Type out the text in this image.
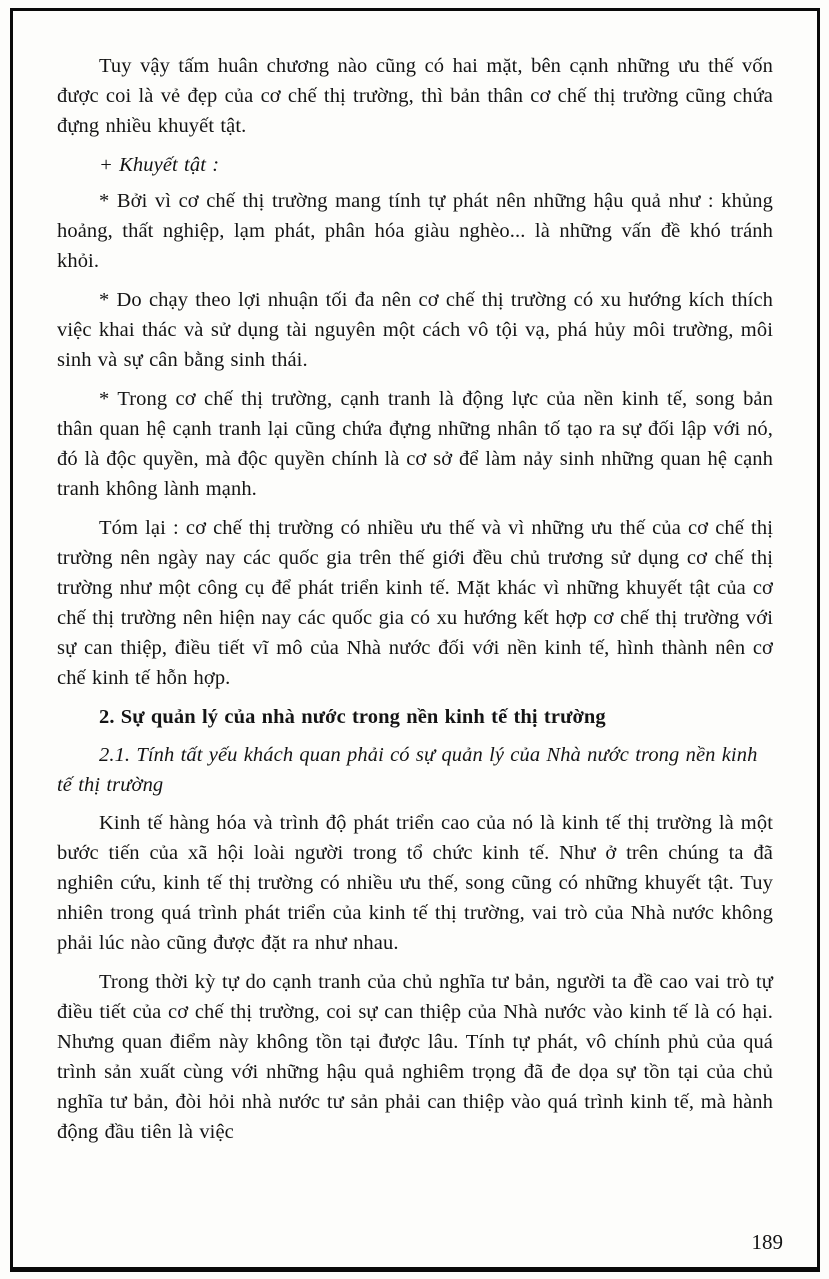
Tuy vậy tấm huân chương nào cũng có hai mặt, bên cạnh những ưu thế vốn được coi là vẻ đẹp của cơ chế thị trường, thì bản thân cơ chế thị trường cũng chứa đựng nhiều khuyết tật.

+ Khuyết tật :

* Bởi vì cơ chế thị trường mang tính tự phát nên những hậu quả như : khủng hoảng, thất nghiệp, lạm phát, phân hóa giàu nghèo... là những vấn đề khó tránh khỏi.

* Do chạy theo lợi nhuận tối đa nên cơ chế thị trường có xu hướng kích thích việc khai thác và sử dụng tài nguyên một cách vô tội vạ, phá hủy môi trường, môi sinh và sự cân bằng sinh thái.

* Trong cơ chế thị trường, cạnh tranh là động lực của nền kinh tế, song bản thân quan hệ cạnh tranh lại cũng chứa đựng những nhân tố tạo ra sự đối lập với nó, đó là độc quyền, mà độc quyền chính là cơ sở để làm nảy sinh những quan hệ cạnh tranh không lành mạnh.

Tóm lại : cơ chế thị trường có nhiều ưu thế và vì những ưu thế của cơ chế thị trường nên ngày nay các quốc gia trên thế giới đều chủ trương sử dụng cơ chế thị trường như một công cụ để phát triển kinh tế. Mặt khác vì những khuyết tật của cơ chế thị trường nên hiện nay các quốc gia có xu hướng kết hợp cơ chế thị trường với sự can thiệp, điều tiết vĩ mô của Nhà nước đối với nền kinh tế, hình thành nên cơ chế kinh tế hỗn hợp.

2. Sự quản lý của nhà nước trong nền kinh tế thị trường

2.1. Tính tất yếu khách quan phải có sự quản lý của Nhà nước trong nền kinh tế thị trường

Kinh tế hàng hóa và trình độ phát triển cao của nó là kinh tế thị trường là một bước tiến của xã hội loài người trong tổ chức kinh tế. Như ở trên chúng ta đã nghiên cứu, kinh tế thị trường có nhiều ưu thế, song cũng có những khuyết tật. Tuy nhiên trong quá trình phát triển của kinh tế thị trường, vai trò của Nhà nước không phải lúc nào cũng được đặt ra như nhau.

Trong thời kỳ tự do cạnh tranh của chủ nghĩa tư bản, người ta đề cao vai trò tự điều tiết của cơ chế thị trường, coi sự can thiệp của Nhà nước vào kinh tế là có hại. Nhưng quan điểm này không tồn tại được lâu. Tính tự phát, vô chính phủ của quá trình sản xuất cùng với những hậu quả nghiêm trọng đã đe dọa sự tồn tại của chủ nghĩa tư bản, đòi hỏi nhà nước tư sản phải can thiệp vào quá trình kinh tế, mà hành động đầu tiên là việc

189
